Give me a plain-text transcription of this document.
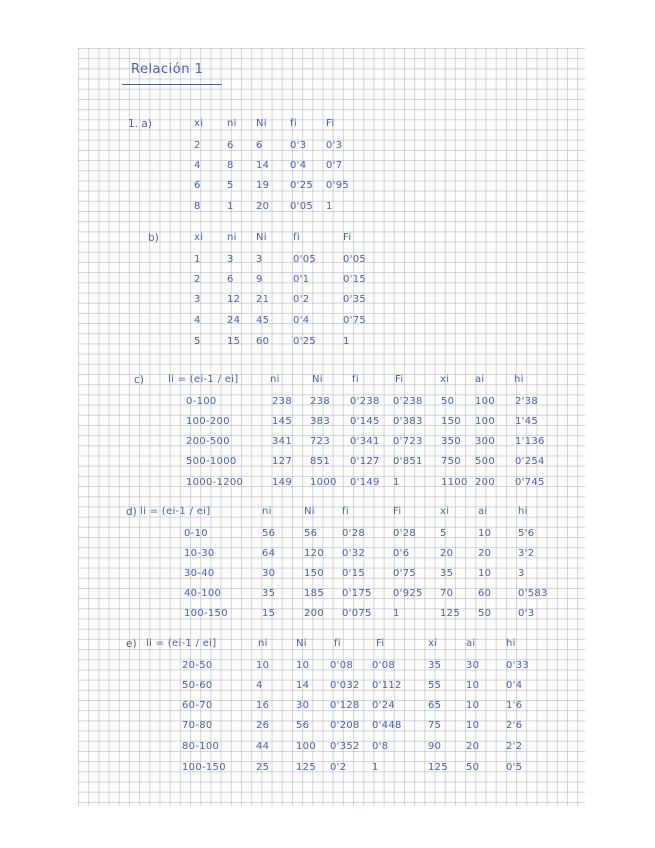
Relación 1
1. a)	xi ni Ni fi	Fi
2	6 6	0'3 0'3
4	8 14 0'4 0'7
6	5 19 0'25 0'95
8	1 20 0'05 1
b)	xi ni Ni	fi	Fi
1	3 3	0'05	0'05
2	6 9	0'1	0'15
3	12 21 0'2	0'35
4	24 45 0'4	0'75
5	15 60 0'25	1
c) li = (ei-1 / ei]	ni	Ni	fi	Fi	xi	ai	hi
0-100	238 238 0'238 0'238 50 100 2'38
100-200	145 383 0'145 0'383 150 100 1'45
200-500	341 723 0'341 0'723 350 300 1'136
500-1000	127 851 0'127 0'851 750 500 0'254
1000-1200	149 1000 0'149 1	1100 200 0'745
d) li = (ei-1 / ei]	ni	Ni	fi	Fi	xi	ai	hi
0-10	56	56 0'28	0'28 5	10	5'6
10-30	64	120 0'32	0'6	20 20	3'2
30-40	30	150 0'15	0'75 35 10	3
40-100	35	185 0'175 0'925 70 60	0'583
100-150	15	200 0'075 1	125 50	0'3
e) li = (ei-1 / ei]	ni	Ni	fi	Fi	xi	ai	hi
20-50	10	10 0'08 0'08	35 30	0'33
50-60	4	14 0'032 0'112	55 10	0'4
60-70	16	30 0'128 0'24	65 10	1'6
70-80	26	56 0'208 0'448	75 10	2'6
80-100	44	100 0'352 0'8	90 20	2'2
100-150	25	125 0'2	1	125 50	0'5
